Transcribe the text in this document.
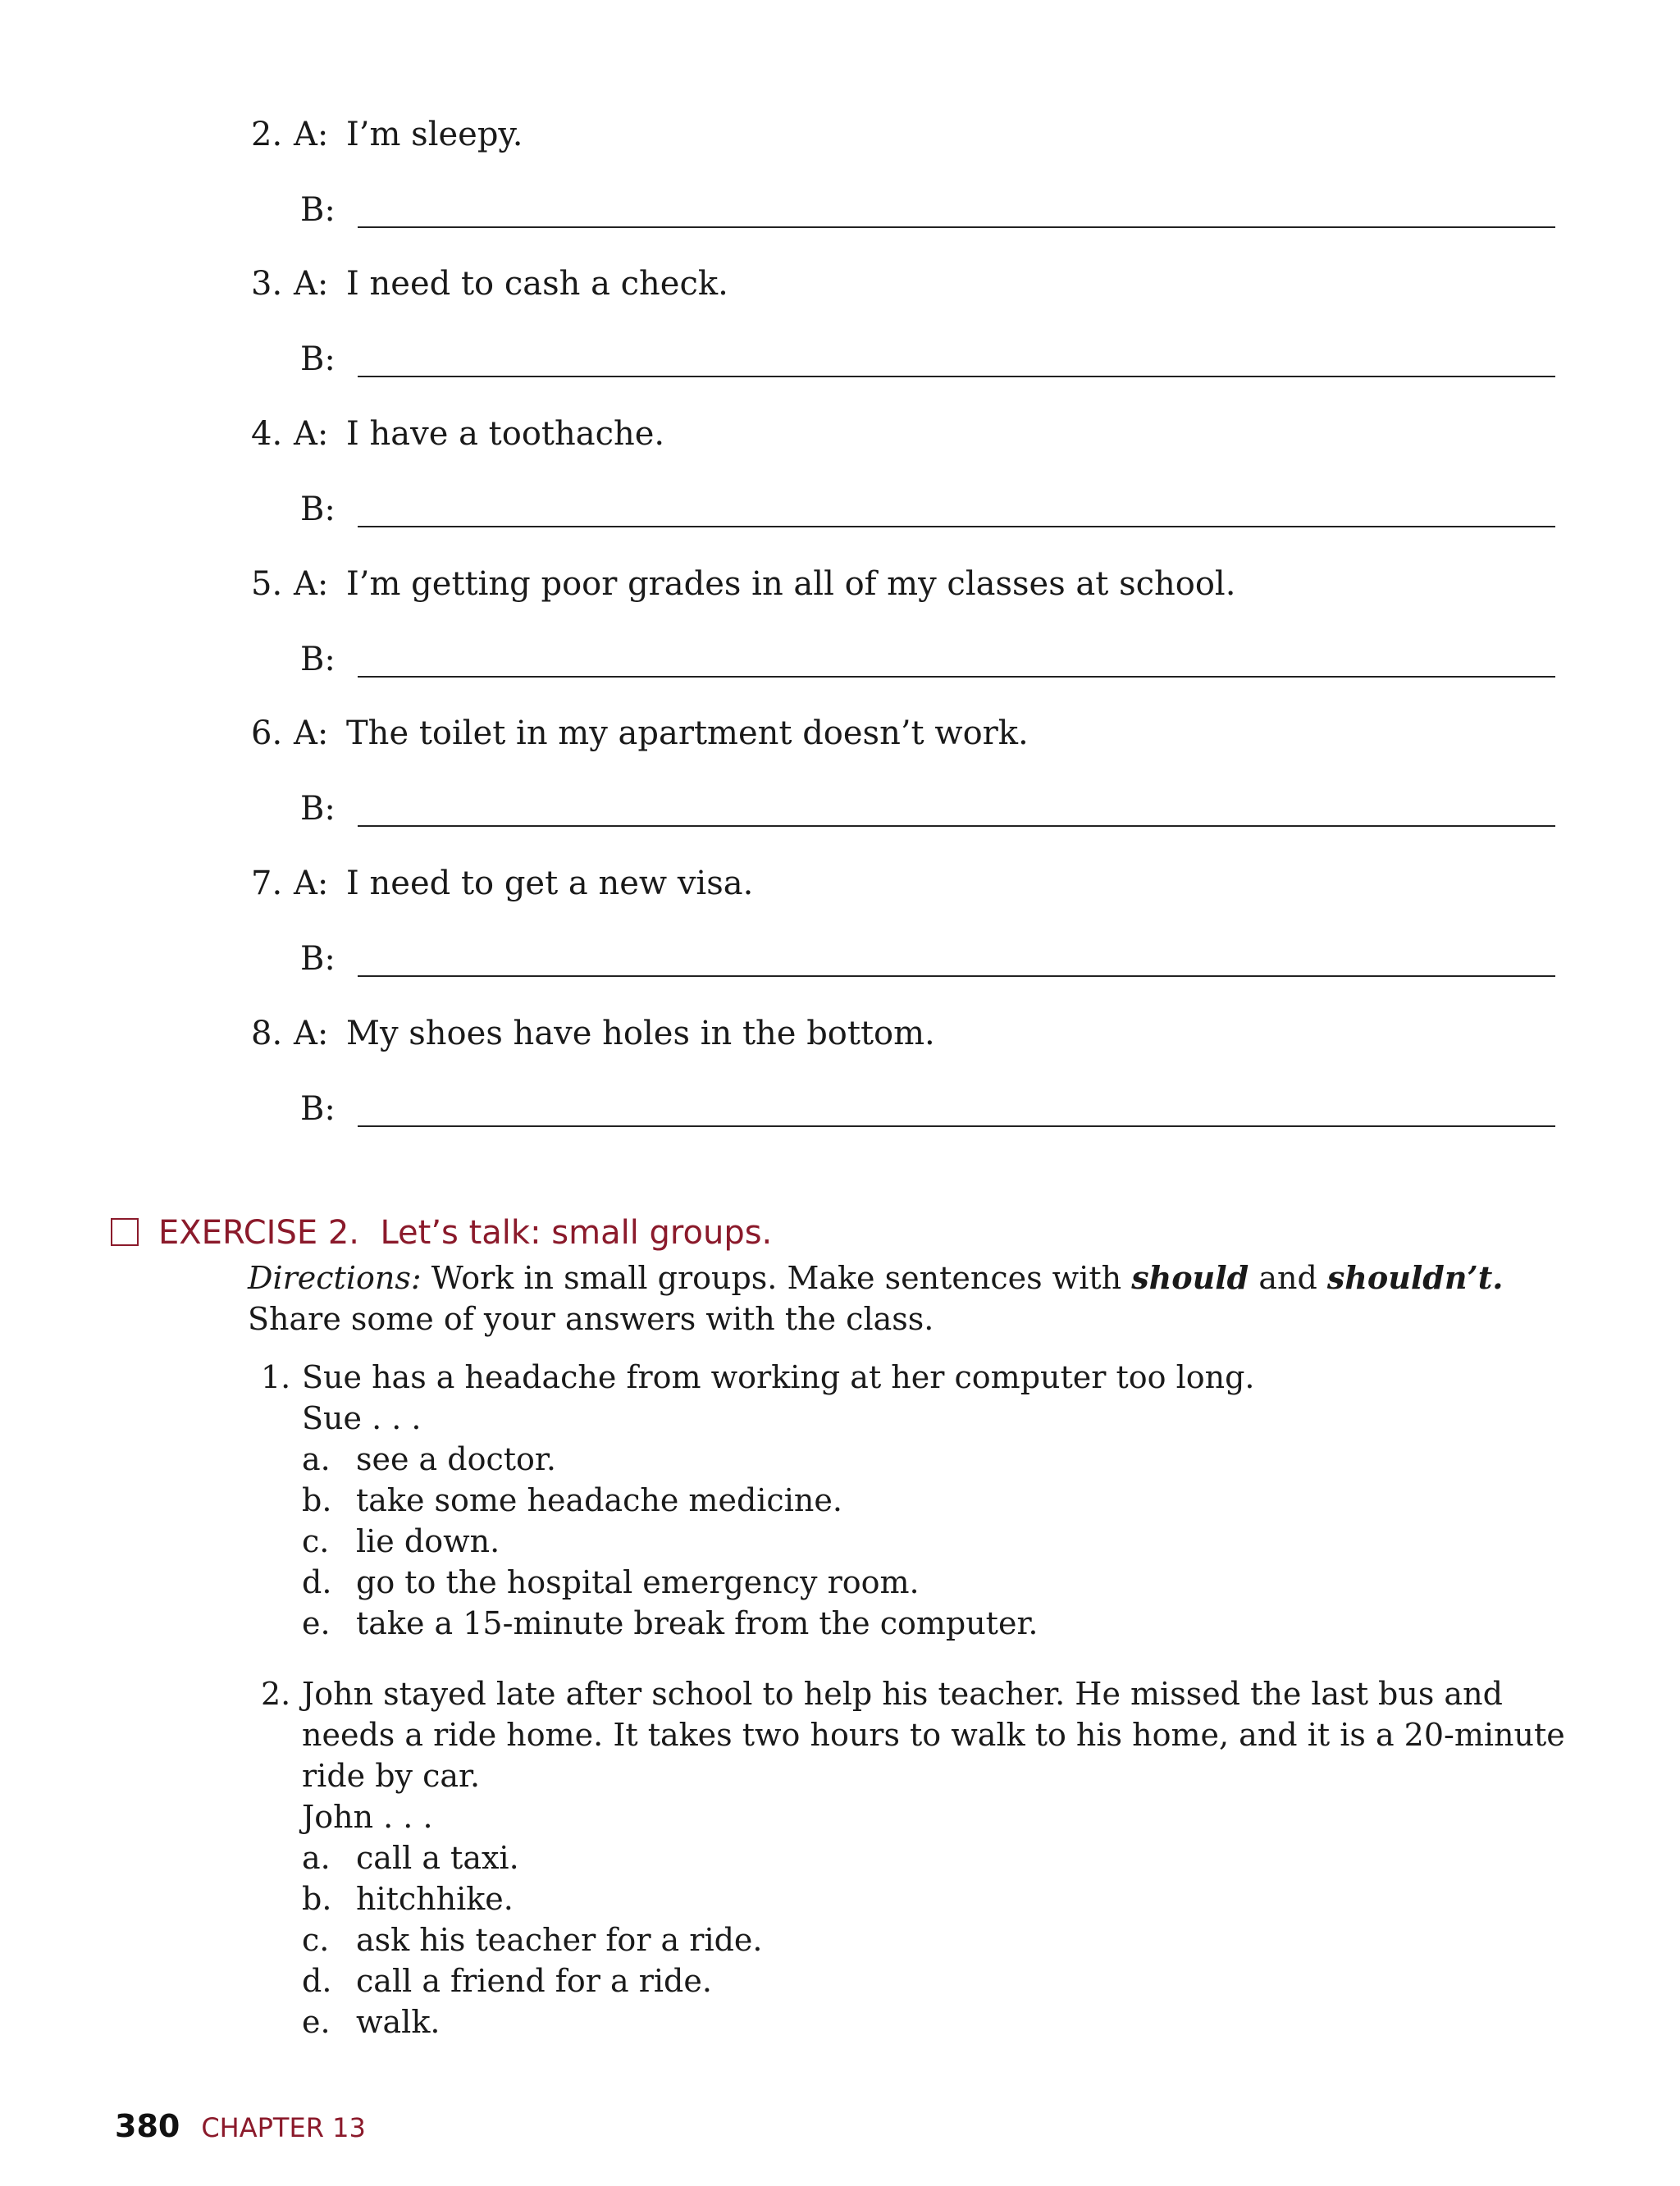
2. A: I’m sleepy.
B:
3. A: I need to cash a check.
B:
4. A: I have a toothache.
B:
5. A: I’m getting poor grades in all of my classes at school.
B:
6. A: The toilet in my apartment doesn’t work.
B:
7. A: I need to get a new visa.
B:
8. A: My shoes have holes in the bottom.
B:
EXERCISE 2. Let’s talk: small groups.
Directions: Work in small groups. Make sentences with should and shouldn’t.
Share some of your answers with the class.
1. Sue has a headache from working at her computer too long.
Sue . . .
a. see a doctor.
b. take some headache medicine.
c. lie down.
d. go to the hospital emergency room.
e. take a 15-minute break from the computer.
2. John stayed late after school to help his teacher. He missed the last bus and needs a ride home. It takes two hours to walk to his home, and it is a 20-minute ride by car.
John . . .
a. call a taxi.
b. hitchhike.
c. ask his teacher for a ride.
d. call a friend for a ride.
e. walk.
380 CHAPTER 13
